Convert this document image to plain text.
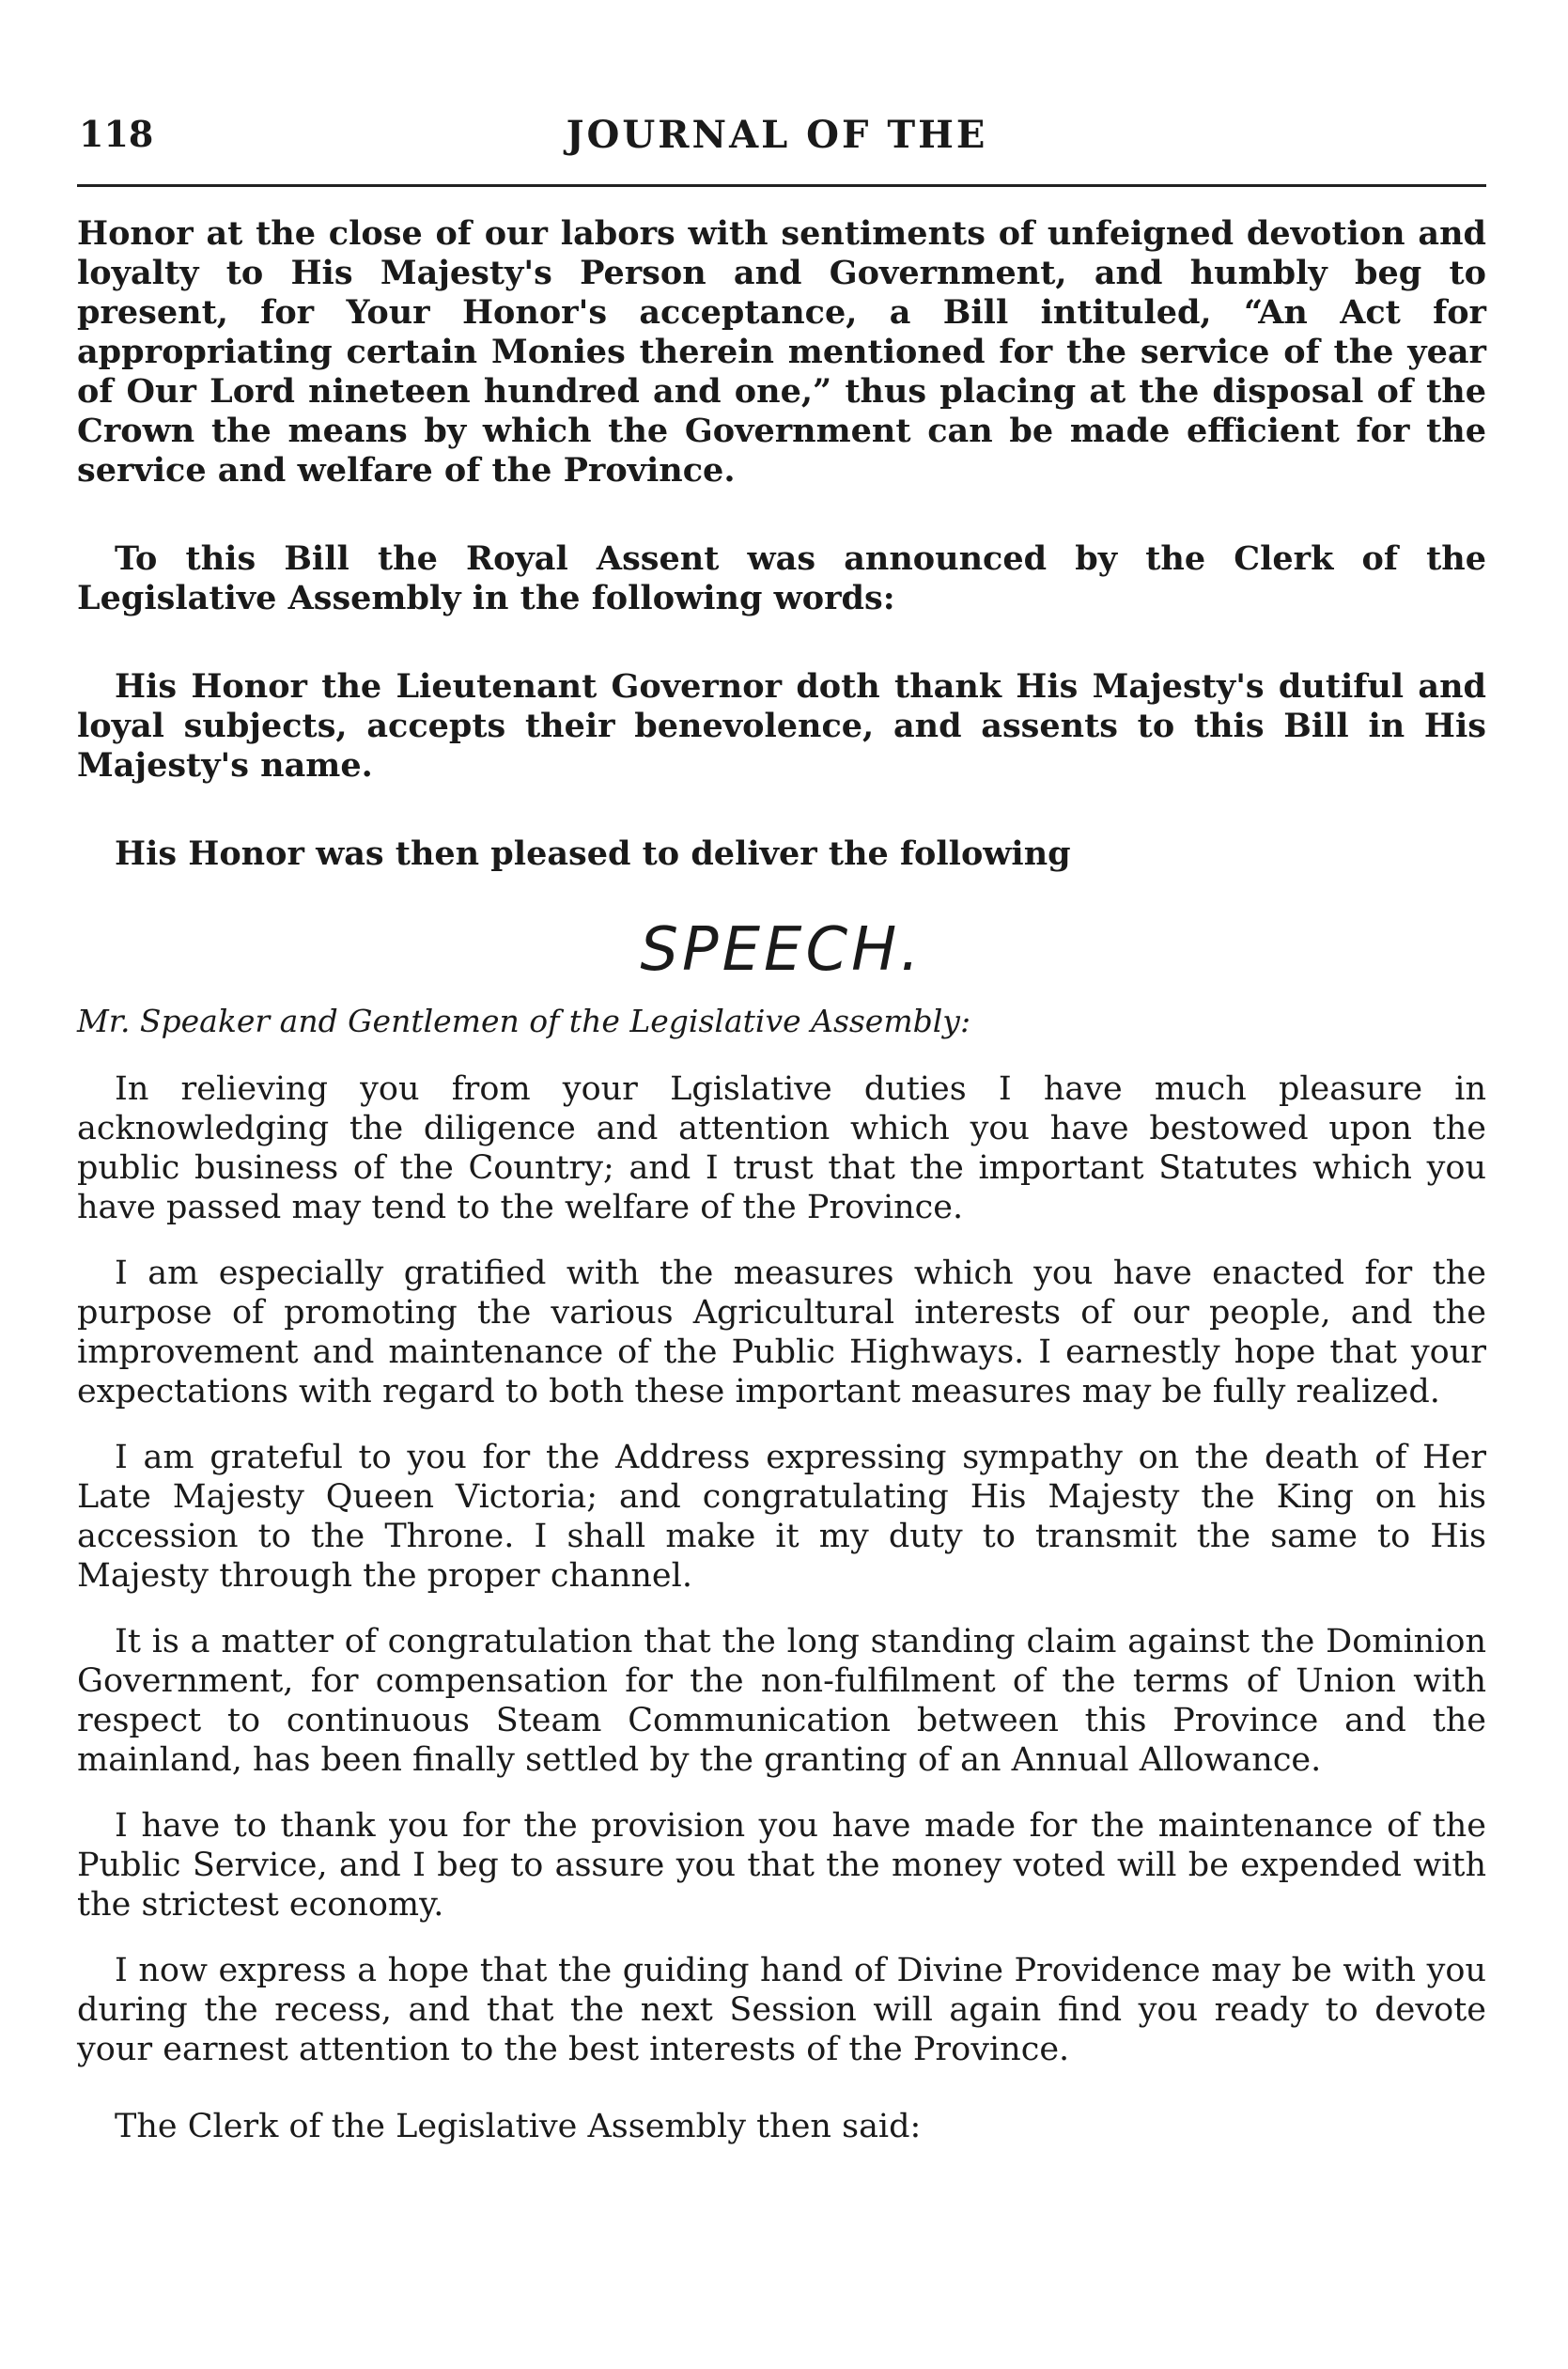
118	JOURNAL OF THE

Honor at the close of our labors with sentiments of unfeigned devotion and loyalty to His Majesty's Person and Government, and humbly beg to present, for Your Honor's acceptance, a Bill intituled, “An Act for appropriating certain Monies therein mentioned for the service of the year of Our Lord nineteen hundred and one,” thus placing at the disposal of the Crown the means by which the Government can be made efficient for the service and welfare of the Province.

To this Bill the Royal Assent was announced by the Clerk of the Legislative Assembly in the following words:

His Honor the Lieutenant Governor doth thank His Majesty's dutiful and loyal subjects, accepts their benevolence, and assents to this Bill in His Majesty's name.

His Honor was then pleased to deliver the following

SPEECH.
Mr. Speaker and Gentlemen of the Legislative Assembly:

In relieving you from your Lgislative duties I have much pleasure in acknowledging the diligence and attention which you have bestowed upon the public business of the Country; and I trust that the important Statutes which you have passed may tend to the welfare of the Province.

I am especially gratified with the measures which you have enacted for the purpose of promoting the various Agricultural interests of our people, and the improvement and maintenance of the Public Highways. I earnestly hope that your expectations with regard to both these important measures may be fully realized.

I am grateful to you for the Address expressing sympathy on the death of Her Late Majesty Queen Victoria; and congratulating His Majesty the King on his accession to the Throne. I shall make it my duty to transmit the same to His Majesty through the proper channel.

It is a matter of congratulation that the long standing claim against the Dominion Government, for compensation for the non-fulfilment of the terms of Union with respect to continuous Steam Communication between this Province and the mainland, has been finally settled by the granting of an Annual Allowance.

I have to thank you for the provision you have made for the maintenance of the Public Service, and I beg to assure you that the money voted will be expended with the strictest economy.

I now express a hope that the guiding hand of Divine Providence may be with you during the recess, and that the next Session will again find you ready to devote your earnest attention to the best interests of the Province.

The Clerk of the Legislative Assembly then said:
